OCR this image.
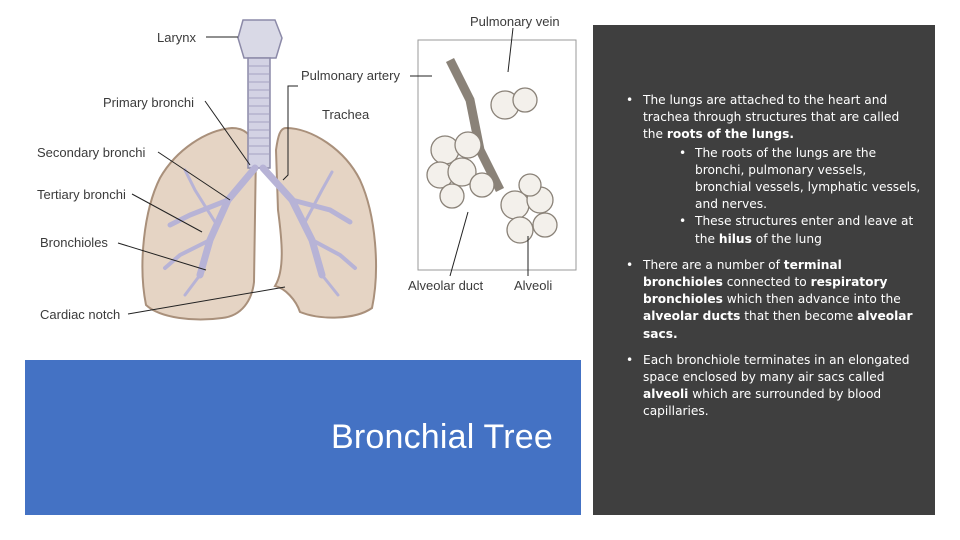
Larynx
Pulmonary vein
Pulmonary artery
Primary bronchi
Trachea
Secondary bronchi
Tertiary bronchi
Bronchioles
Alveolar duct Alveoli
Cardiac notch
Bronchial Tree
• The lungs are attached to the heart and trachea through structures that are called the roots of the lungs.
• The roots of the lungs are the bronchi, pulmonary vessels, bronchial vessels, lymphatic vessels, and nerves.
• These structures enter and leave at the hilus of the lung
• There are a number of terminal bronchioles connected to respiratory bronchioles which then advance into the alveolar ducts that then become alveolar sacs.
• Each bronchiole terminates in an elongated space enclosed by many air sacs called alveoli which are surrounded by blood capillaries.
